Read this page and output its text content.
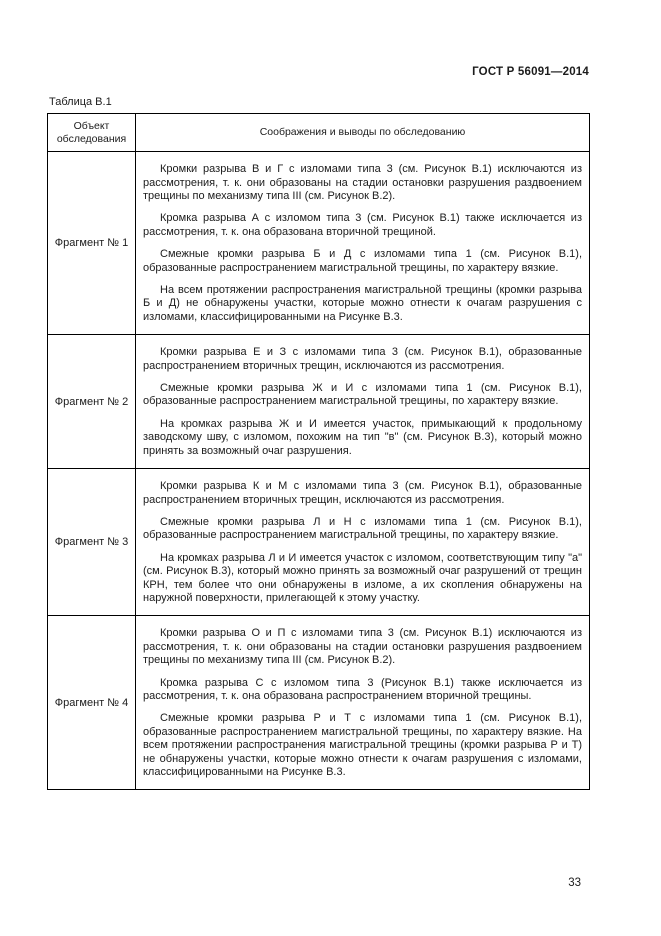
ГОСТ Р 56091—2014
Таблица В.1
Объект обследования	Соображения и выводы по обследованию
Фрагмент № 1	Кромки разрыва В и Г с изломами типа 3 (см. Рисунок В.1) исключаются из рассмотрения, т. к. они образованы на стадии остановки разрушения раздвоением трещины по механизму типа III (см. Рисунок В.2).

Кромка разрыва А с изломом типа 3 (см. Рисунок В.1) также исключается из рассмотрения, т. к. она образована вторичной трещиной.

Смежные кромки разрыва Б и Д с изломами типа 1 (см. Рисунок В.1), образованные распространением магистральной трещины, по характеру вязкие.

На всем протяжении распространения магистральной трещины (кромки разрыва Б и Д) не обнаружены участки, которые можно отнести к очагам разрушения с изломами, классифицированными на Рисунке В.3.

Фрагмент № 2	Кромки разрыва Е и З с изломами типа 3 (см. Рисунок В.1), образованные распространением вторичных трещин, исключаются из рассмотрения.

Смежные кромки разрыва Ж и И с изломами типа 1 (см. Рисунок В.1), образованные распространением магистральной трещины, по характеру вязкие.

На кромках разрыва Ж и И имеется участок, примыкающий к продольному заводскому шву, с изломом, похожим на тип "в" (см. Рисунок В.3), который можно принять за возможный очаг разрушения.

Фрагмент № 3	Кромки разрыва К и М с изломами типа 3 (см. Рисунок В.1), образованные распространением вторичных трещин, исключаются из рассмотрения.

Смежные кромки разрыва Л и Н с изломами типа 1 (см. Рисунок В.1), образованные распространением магистральной трещины, по характеру вязкие.

На кромках разрыва Л и И имеется участок с изломом, соответствующим типу "а" (см. Рисунок В.3), который можно принять за возможный очаг разрушений от трещин КРН, тем более что они обнаружены в изломе, а их скопления обнаружены на наружной поверхности, прилегающей к этому участку.

Фрагмент № 4	Кромки разрыва О и П с изломами типа 3 (см. Рисунок В.1) исключаются из рассмотрения, т. к. они образованы на стадии остановки разрушения раздвоением трещины по механизму типа III (см. Рисунок В.2).

Кромка разрыва С с изломом типа 3 (Рисунок В.1) также исключается из рассмотрения, т. к. она образована распространением вторичной трещины.

Смежные кромки разрыва Р и Т с изломами типа 1 (см. Рисунок В.1), образованные распространением магистральной трещины, по характеру вязкие. На всем протяжении распространения магистральной трещины (кромки разрыва Р и Т) не обнаружены участки, которые можно отнести к очагам разрушения с изломами, классифицированными на Рисунке В.3.

33
